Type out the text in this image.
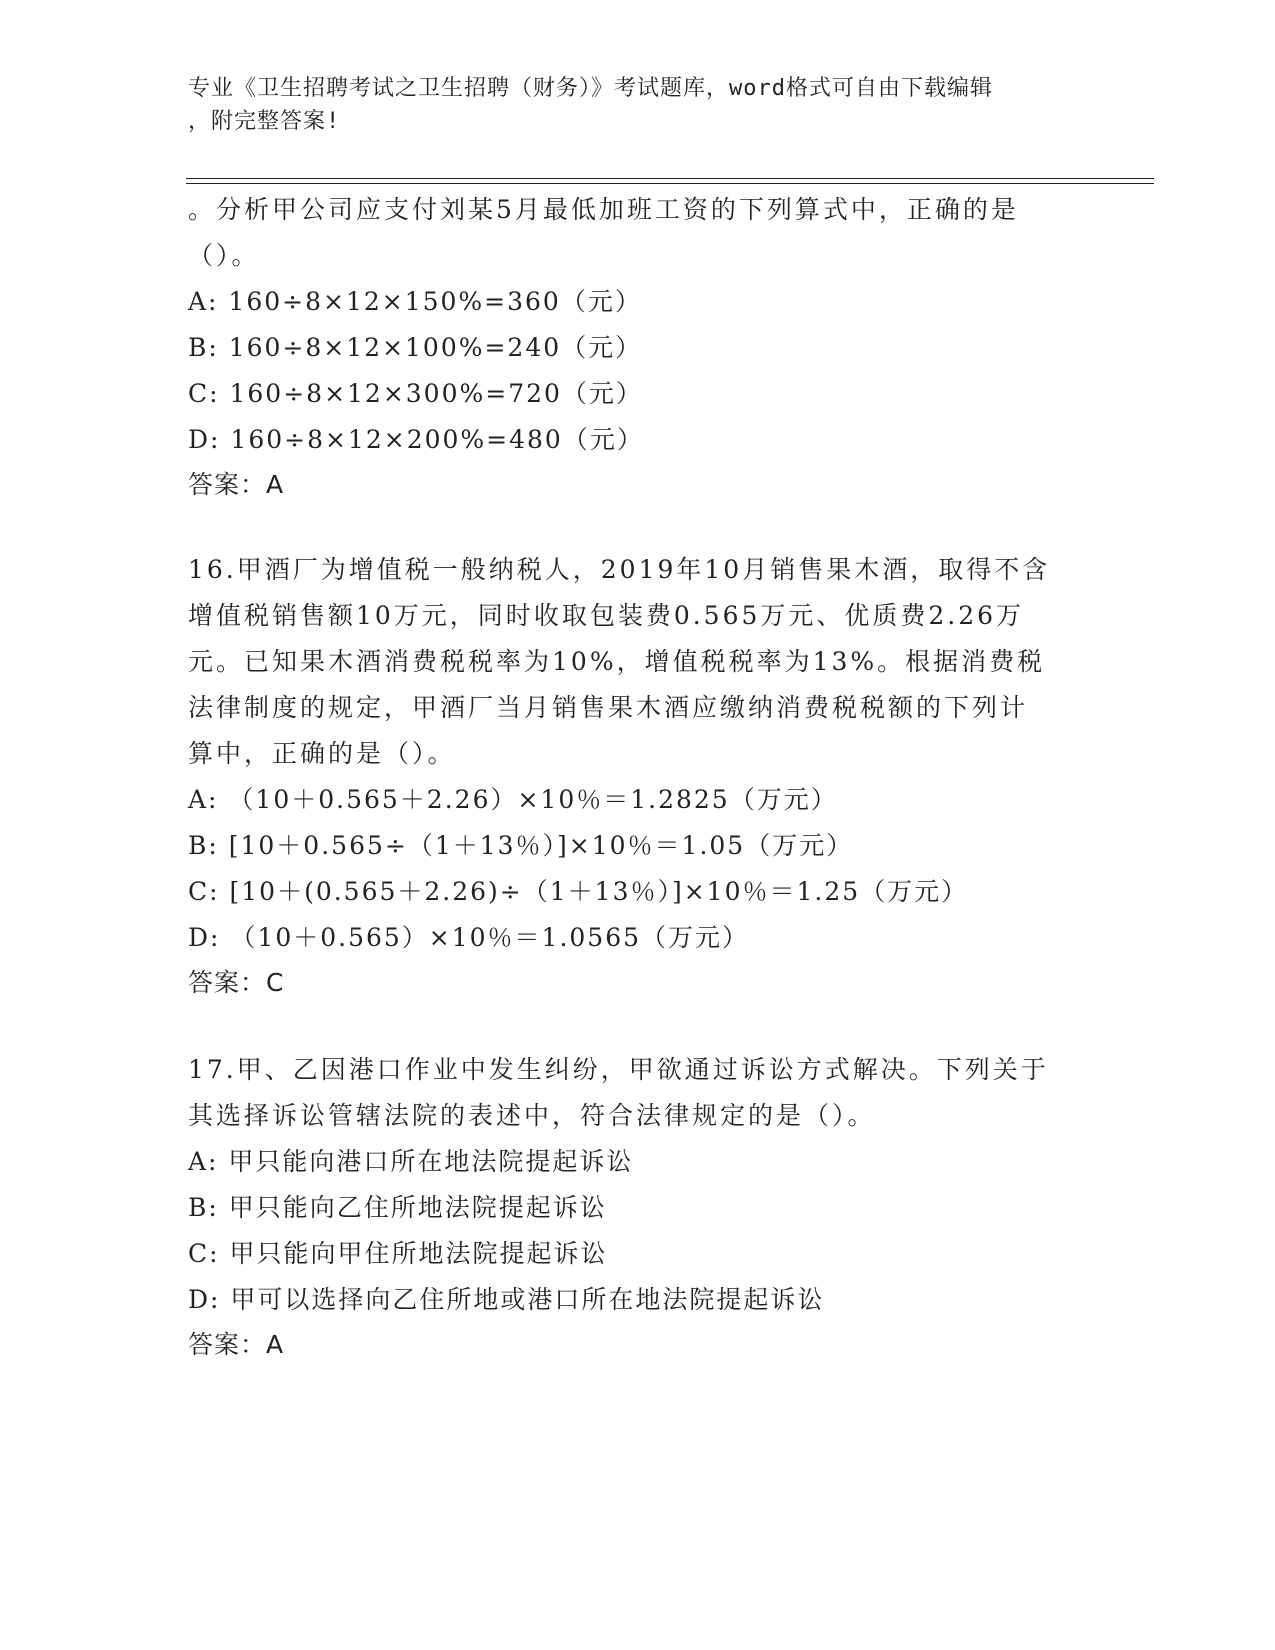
专业《卫生招聘考试之卫生招聘（财务）》考试题库，word格式可自由下载编辑
，附完整答案!
。分析甲公司应支付刘某5月最低加班工资的下列算式中，正确的是
（）。
A: 160÷8×12×150%=360（元）
B: 160÷8×12×100%=240（元）
C: 160÷8×12×300%=720（元）
D: 160÷8×12×200%=480（元）
答案：A
16.甲酒厂为增值税一般纳税人，2019年10月销售果木酒，取得不含
增值税销售额10万元，同时收取包装费0.565万元、优质费2.26万
元。已知果木酒消费税税率为10%，增值税税率为13%。根据消费税
法律制度的规定，甲酒厂当月销售果木酒应缴纳消费税税额的下列计
算中，正确的是（）。
A: （10＋0.565＋2.26）×10％＝1.2825（万元）
B: [10＋0.565÷（1＋13％）]×10％＝1.05（万元）
C: [10＋(0.565＋2.26)÷（1＋13％）]×10％＝1.25（万元）
D: （10＋0.565）×10％＝1.0565（万元）
答案：C
17.甲、乙因港口作业中发生纠纷，甲欲通过诉讼方式解决。下列关于
其选择诉讼管辖法院的表述中，符合法律规定的是（）。
A: 甲只能向港口所在地法院提起诉讼
B: 甲只能向乙住所地法院提起诉讼
C: 甲只能向甲住所地法院提起诉讼
D: 甲可以选择向乙住所地或港口所在地法院提起诉讼
答案：A
